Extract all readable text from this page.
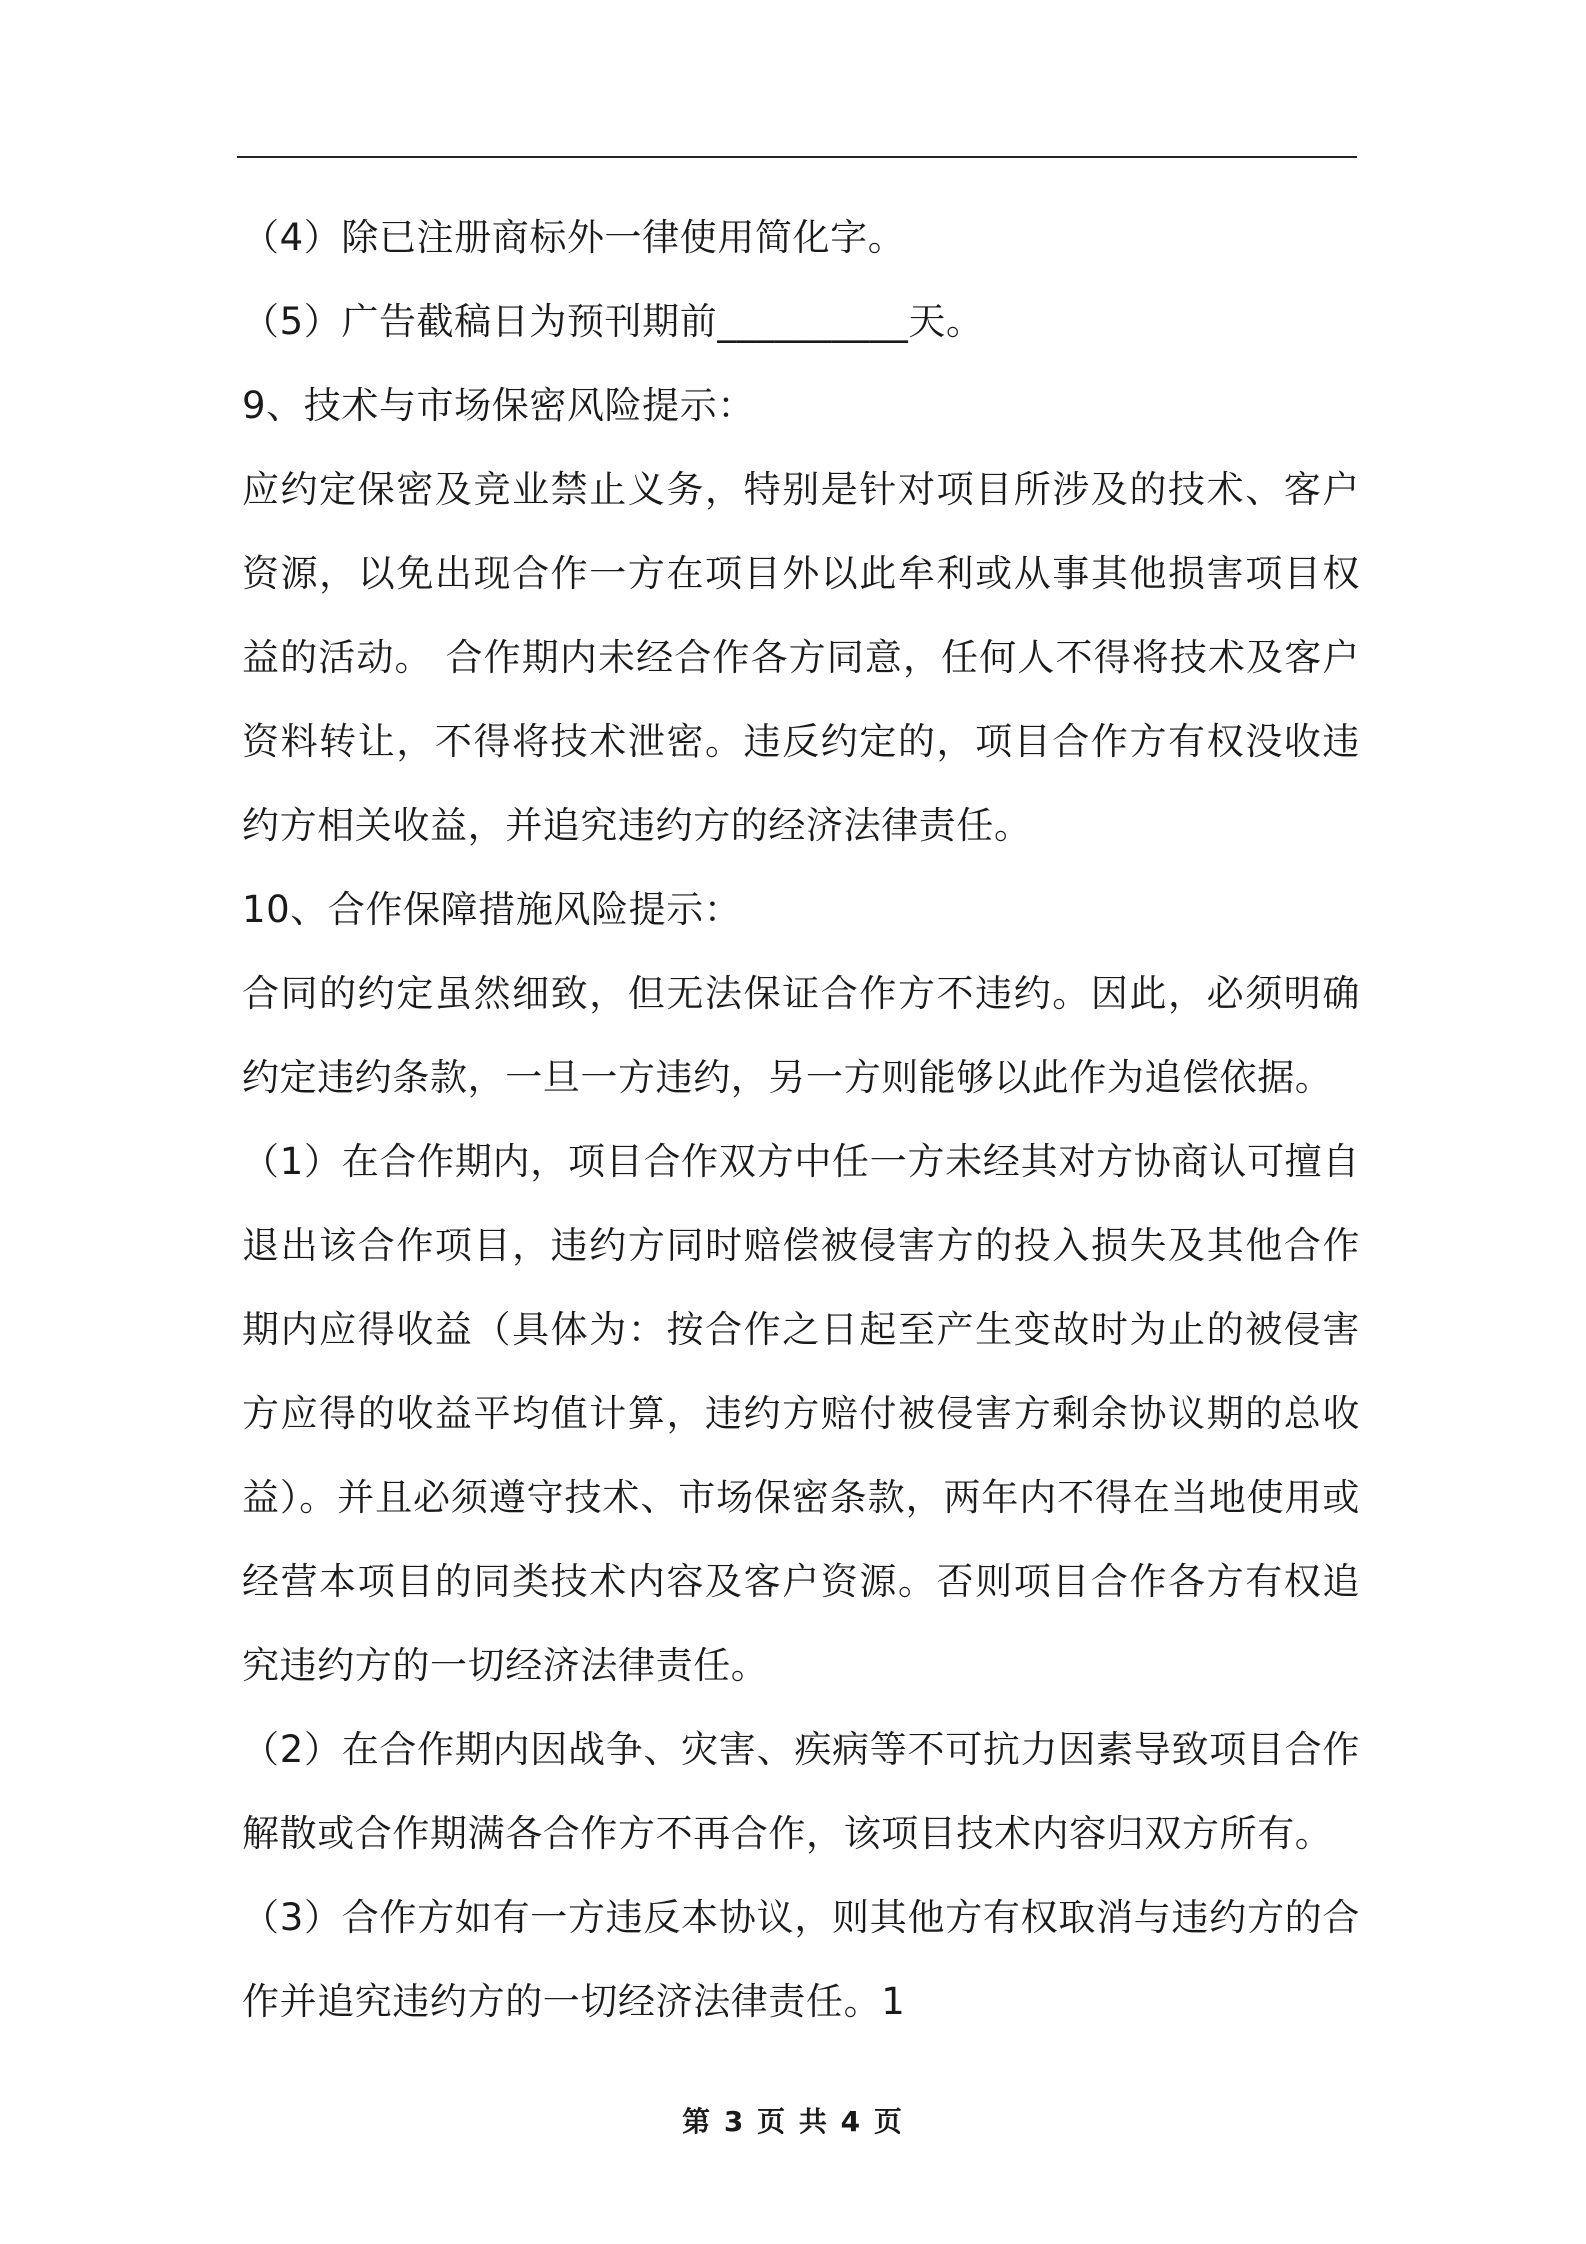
（4）除已注册商标外一律使用简化字。

（5）广告截稿日为预刊期前__________天。

9、技术与市场保密风险提示：

应约定保密及竞业禁止义务，特别是针对项目所涉及的技术、客户资源，以免出现合作一方在项目外以此牟利或从事其他损害项目权益的活动。 合作期内未经合作各方同意，任何人不得将技术及客户资料转让，不得将技术泄密。违反约定的，项目合作方有权没收违约方相关收益，并追究违约方的经济法律责任。

10、合作保障措施风险提示：

合同的约定虽然细致，但无法保证合作方不违约。因此，必须明确约定违约条款，一旦一方违约，另一方则能够以此作为追偿依据。

（1）在合作期内，项目合作双方中任一方未经其对方协商认可擅自退出该合作项目，违约方同时赔偿被侵害方的投入损失及其他合作期内应得收益（具体为：按合作之日起至产生变故时为止的被侵害方应得的收益平均值计算，违约方赔付被侵害方剩余协议期的总收益）。并且必须遵守技术、市场保密条款，两年内不得在当地使用或经营本项目的同类技术内容及客户资源。否则项目合作各方有权追究违约方的一切经济法律责任。

（2）在合作期内因战争、灾害、疾病等不可抗力因素导致项目合作解散或合作期满各合作方不再合作，该项目技术内容归双方所有。

（3）合作方如有一方违反本协议，则其他方有权取消与违约方的合作并追究违约方的一切经济法律责任。1

第 3 页 共 4 页
